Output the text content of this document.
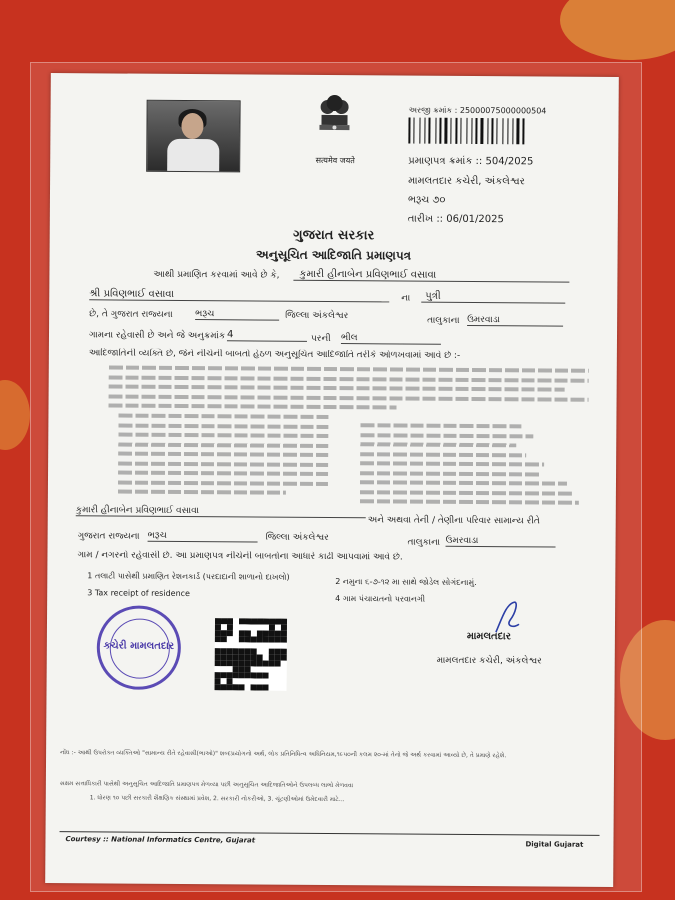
सत्यमेव जयते
અરજી ક્રમાંક : 25000075000000504
પ્રમાણપત્ર ક્રમાંક :: 504/2025
મામલતદાર કચેરી, અંકલેશ્વર
ભરૂચ ૭૦
તારીખ :: 06/01/2025
ગુજરાત સરકાર
અનુસૂચિત આદિજાતિ પ્રમાણપત્ર
આથી પ્રમાણિત કરવામાં આવે છે કે,	કુમારી હીનાબેન પ્રવિણભાઈ વસાવા
શ્રી પ્રવિણભાઈ વસાવા	ના	પુત્રી
છે, તે ગુજરાત રાજ્યના ભરૂચ	જિલ્લા અંકલેશ્વર	તાલુકાના ઉમરવાડા
ગામના રહેવાસી છે અને જે અનુક્રમાંક 4	પરની ભીલ
આદિજાતિની વ્યક્તિ છે, જેને નીચેની બાબતો હેઠળ અનુસૂચિત આદિજાતિ તરીકે ઓળખવામાં આવે છે :-
કુમારી હીનાબેન પ્રવિણભાઈ વસાવા
અને અથવા તેની / તેણીના પરિવાર સામાન્ય રીતે
ગુજરાત રાજ્યના ભરૂચ	જિલ્લા અંકલેશ્વર	તાલુકાના ઉમરવાડા
ગામ / નગરનો રહેવાસી છે. આ પ્રમાણપત્ર નીચેની બાબતોના આધારે કાઢી આપવામાં આવે છે.
1 તલાટી પાસેથી પ્રમાણિત રેશનકાર્ડ (પરદાદાની શાળાનો દાખલો)
2 નમુના ૬-૭-૧૨ મા સાથે જોડેલ સોગંદનામું.
3 Tax receipt of residence
4 ગામ પંચાયતનો પરવાનગી
કચેરી મામલતદાર
મામલતદાર
મામલતદાર કચેરી, અંકલેશ્વર
નોંધ :- આથી ઉપરોક્ત વ્યક્તિઓ "સામાન્ય રીતે રહેવાસી(ભાઓ)" શબ્દપ્રયોગનો અર્થ, લોક પ્રતિનિધિત્વ અધિનિયમ,૧૯૫૦ની કલમ ૨૦-માં તેનો જે અર્થ કરવામાં આવ્યો છે, તે પ્રમાણે રહેશે.
સક્ષમ સત્તાધિકારી પાસેથી અનુસૂચિત આદિજાતિ પ્રમાણપત્ર મેળવ્યા પછી અનુસૂચિત આદિજાતિઓને ઉપલબ્ધ લાભો મેળવવા
1. ધોરણ ૧૦ પછી સરકારી શૈક્ષણિક સંસ્થામાં પ્રવેશ, 2. સરકારી નોકરીઓ, 3. ચૂંટણીઓમાં ઉમેદવારી માટે...
Courtesy :: National Informatics Centre, Gujarat
Digital Gujarat
